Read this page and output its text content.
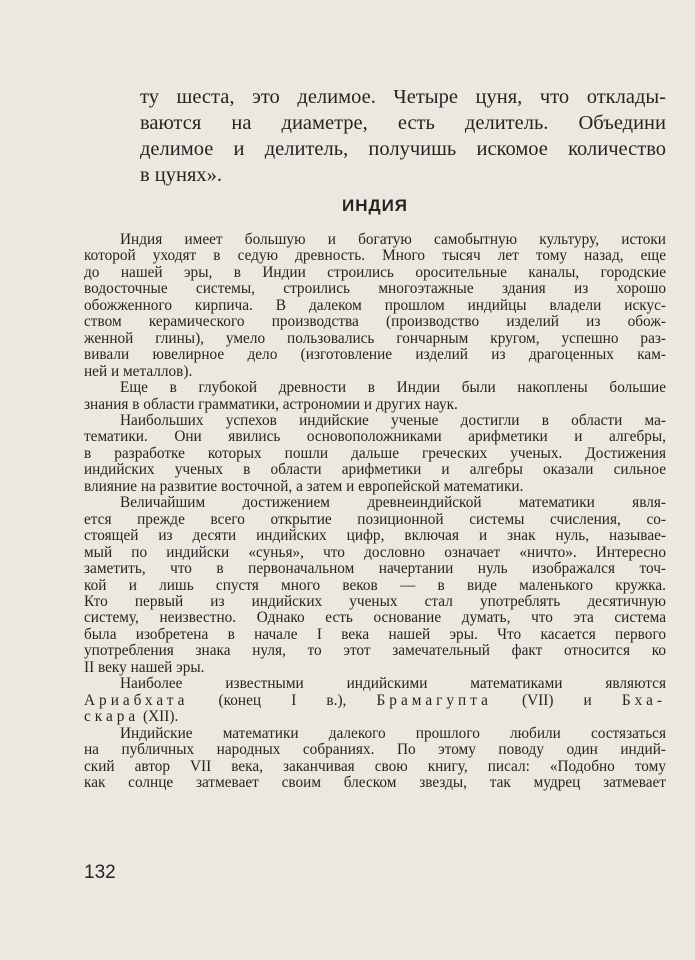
ту шеста, это делимое. Четыре цуня, что отклады-
ваются на диаметре, есть делитель. Объедини
делимое и делитель, получишь искомое количество
в цунях».
ИНДИЯ

Индия имеет большую и богатую самобытную культуру, истоки
которой уходят в седую древность. Много тысяч лет тому назад, еще
до нашей эры, в Индии строились оросительные каналы, городские
водосточные системы, строились многоэтажные здания из хорошо
обожженного кирпича. В далеком прошлом индийцы владели искус-
ством керамического производства (производство изделий из обож-
женной глины), умело пользовались гончарным кругом, успешно раз-
вивали ювелирное дело (изготовление изделий из драгоценных кам-
ней и металлов).

Еще в глубокой древности в Индии были накоплены большие
знания в области грамматики, астрономии и других наук.

Наибольших успехов индийские ученые достигли в области ма-
тематики. Они явились основоположниками арифметики и алгебры,
в разработке которых пошли дальше греческих ученых. Достижения
индийских ученых в области арифметики и алгебры оказали сильное
влияние на развитие восточной, а затем и европейской математики.

Величайшим достижением древнеиндийской математики явля-
ется прежде всего открытие позиционной системы счисления, со-
стоящей из десяти индийских цифр, включая и знак нуль, называе-
мый по индийски «сунья», что дословно означает «ничто». Интересно
заметить, что в первоначальном начертании нуль изображался точ-
кой и лишь спустя много веков — в виде маленького кружка.
Кто первый из индийских ученых стал употреблять десятичную
систему, неизвестно. Однако есть основание думать, что эта система
была изобретена в начале I века нашей эры. Что касается первого
употребления знака нуля, то этот замечательный факт относится ко
II веку нашей эры.

Наиболее известными индийскими математиками являются
Ариабхата (конец I в.), Брамагупта (VII) и Бха-
скара (XII).

Индийские математики далекого прошлого любили состязаться
на публичных народных собраниях. По этому поводу один индий-
ский автор VII века, заканчивая свою книгу, писал: «Подобно тому
как солнце затмевает своим блеском звезды, так мудрец затмевает

132
